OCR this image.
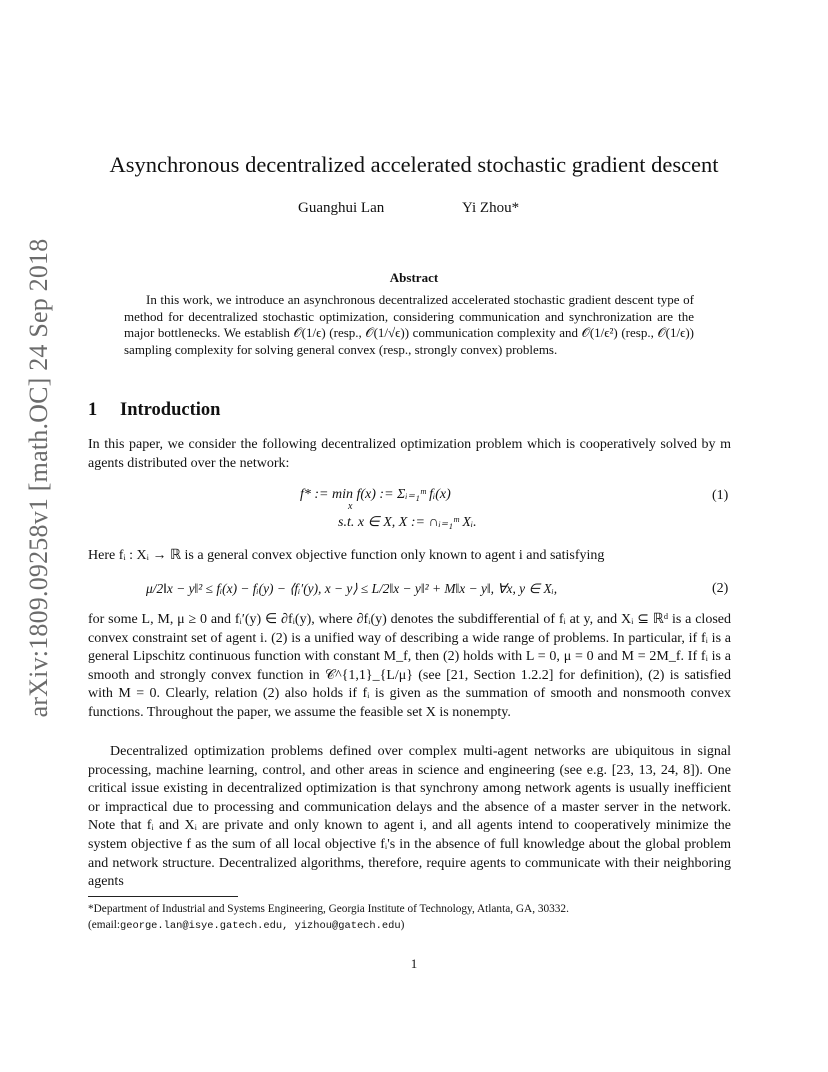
arXiv:1809.09258v1 [math.OC] 24 Sep 2018
Asynchronous decentralized accelerated stochastic gradient descent
Guanghui Lan	Yi Zhou*
Abstract
In this work, we introduce an asynchronous decentralized accelerated stochastic gradient descent type of method for decentralized stochastic optimization, considering communication and synchronization are the major bottlenecks. We establish 𝒪(1/ϵ) (resp., 𝒪(1/√ϵ)) communication complexity and 𝒪(1/ϵ²) (resp., 𝒪(1/ϵ)) sampling complexity for solving general convex (resp., strongly convex) problems.
1 Introduction
In this paper, we consider the following decentralized optimization problem which is cooperatively solved by m agents distributed over the network:
f* := min f(x) := Σᵢ₌₁ᵐ fᵢ(x)
x
s.t. x ∈ X, X := ∩ᵢ₌₁ᵐ Xᵢ.
(1)
Here fᵢ : Xᵢ → ℝ is a general convex objective function only known to agent i and satisfying
μ/2‖x − y‖² ≤ fᵢ(x) − fᵢ(y) − ⟨fᵢ′(y), x − y⟩ ≤ L/2‖x − y‖² + M‖x − y‖, ∀x, y ∈ Xᵢ,	(2)
for some L, M, μ ≥ 0 and fᵢ′(y) ∈ ∂fᵢ(y), where ∂fᵢ(y) denotes the subdifferential of fᵢ at y, and Xᵢ ⊆ ℝᵈ is a closed convex constraint set of agent i. (2) is a unified way of describing a wide range of problems. In particular, if fᵢ is a general Lipschitz continuous function with constant M_f, then (2) holds with L = 0, μ = 0 and M = 2M_f. If fᵢ is a smooth and strongly convex function in 𝒞^{1,1}_{L/μ} (see [21, Section 1.2.2] for definition), (2) is satisfied with M = 0. Clearly, relation (2) also holds if fᵢ is given as the summation of smooth and nonsmooth convex functions. Throughout the paper, we assume the feasible set X is nonempty.
Decentralized optimization problems defined over complex multi-agent networks are ubiquitous in signal processing, machine learning, control, and other areas in science and engineering (see e.g. [23, 13, 24, 8]). One critical issue existing in decentralized optimization is that synchrony among network agents is usually inefficient or impractical due to processing and communication delays and the absence of a master server in the network. Note that fᵢ and Xᵢ are private and only known to agent i, and all agents intend to cooperatively minimize the system objective f as the sum of all local objective fᵢ's in the absence of full knowledge about the global problem and network structure. Decentralized algorithms, therefore, require agents to communicate with their neighboring agents
*Department of Industrial and Systems Engineering, Georgia Institute of Technology, Atlanta, GA, 30332.
(email:george.lan@isye.gatech.edu, yizhou@gatech.edu)
1
